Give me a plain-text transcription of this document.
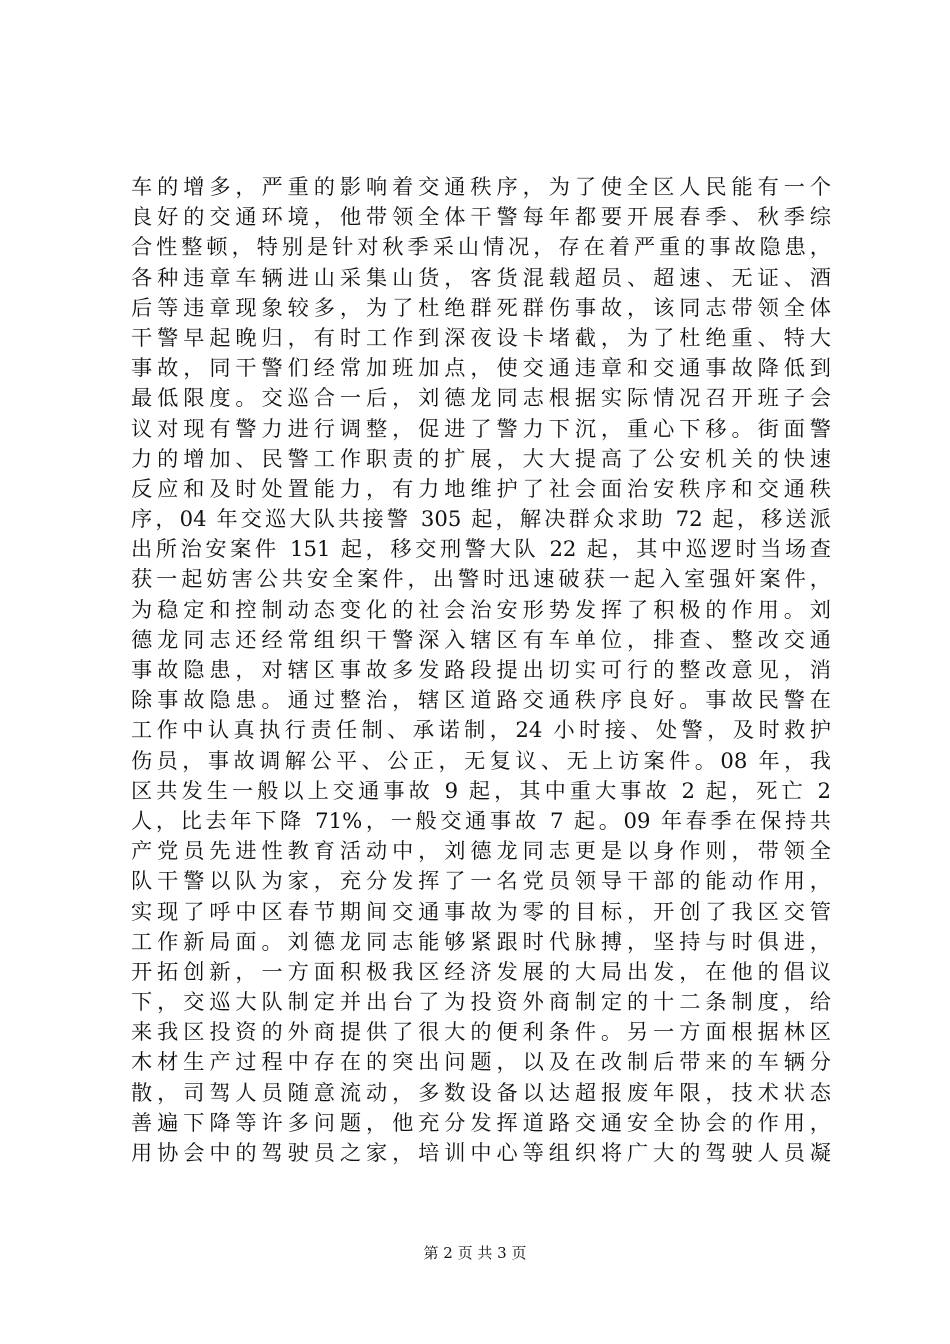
车的增多，严重的影响着交通秩序，为了使全区人民能有一个
良好的交通环境，他带领全体干警每年都要开展春季、秋季综
合性整顿，特别是针对秋季采山情况，存在着严重的事故隐患，
各种违章车辆进山采集山货，客货混载超员、超速、无证、酒
后等违章现象较多，为了杜绝群死群伤事故，该同志带领全体
干警早起晚归，有时工作到深夜设卡堵截，为了杜绝重、特大
事故，同干警们经常加班加点，使交通违章和交通事故降低到
最低限度。交巡合一后，刘德龙同志根据实际情况召开班子会
议对现有警力进行调整，促进了警力下沉，重心下移。街面警
力的增加、民警工作职责的扩展，大大提高了公安机关的快速
反应和及时处置能力，有力地维护了社会面治安秩序和交通秩
序，04 年交巡大队共接警 305 起，解决群众求助 72 起，移送派
出所治安案件 151 起，移交刑警大队 22 起，其中巡逻时当场查
获一起妨害公共安全案件，出警时迅速破获一起入室强奸案件，
为稳定和控制动态变化的社会治安形势发挥了积极的作用。刘
德龙同志还经常组织干警深入辖区有车单位，排查、整改交通
事故隐患，对辖区事故多发路段提出切实可行的整改意见，消
除事故隐患。通过整治，辖区道路交通秩序良好。事故民警在
工作中认真执行责任制、承诺制，24 小时接、处警，及时救护
伤员，事故调解公平、公正，无复议、无上访案件。08 年，我
区共发生一般以上交通事故 9 起，其中重大事故 2 起，死亡 2
人，比去年下降 71%，一般交通事故 7 起。09 年春季在保持共
产党员先进性教育活动中，刘德龙同志更是以身作则，带领全
队干警以队为家，充分发挥了一名党员领导干部的能动作用，
实现了呼中区春节期间交通事故为零的目标，开创了我区交管
工作新局面。刘德龙同志能够紧跟时代脉搏，坚持与时俱进，
开拓创新，一方面积极我区经济发展的大局出发，在他的倡议
下，交巡大队制定并出台了为投资外商制定的十二条制度，给
来我区投资的外商提供了很大的便利条件。另一方面根据林区
木材生产过程中存在的突出问题，以及在改制后带来的车辆分
散，司驾人员随意流动，多数设备以达超报废年限，技术状态
善遍下降等许多问题，他充分发挥道路交通安全协会的作用，
用协会中的驾驶员之家，培训中心等组织将广大的驾驶人员凝
第 2 页 共 3 页
